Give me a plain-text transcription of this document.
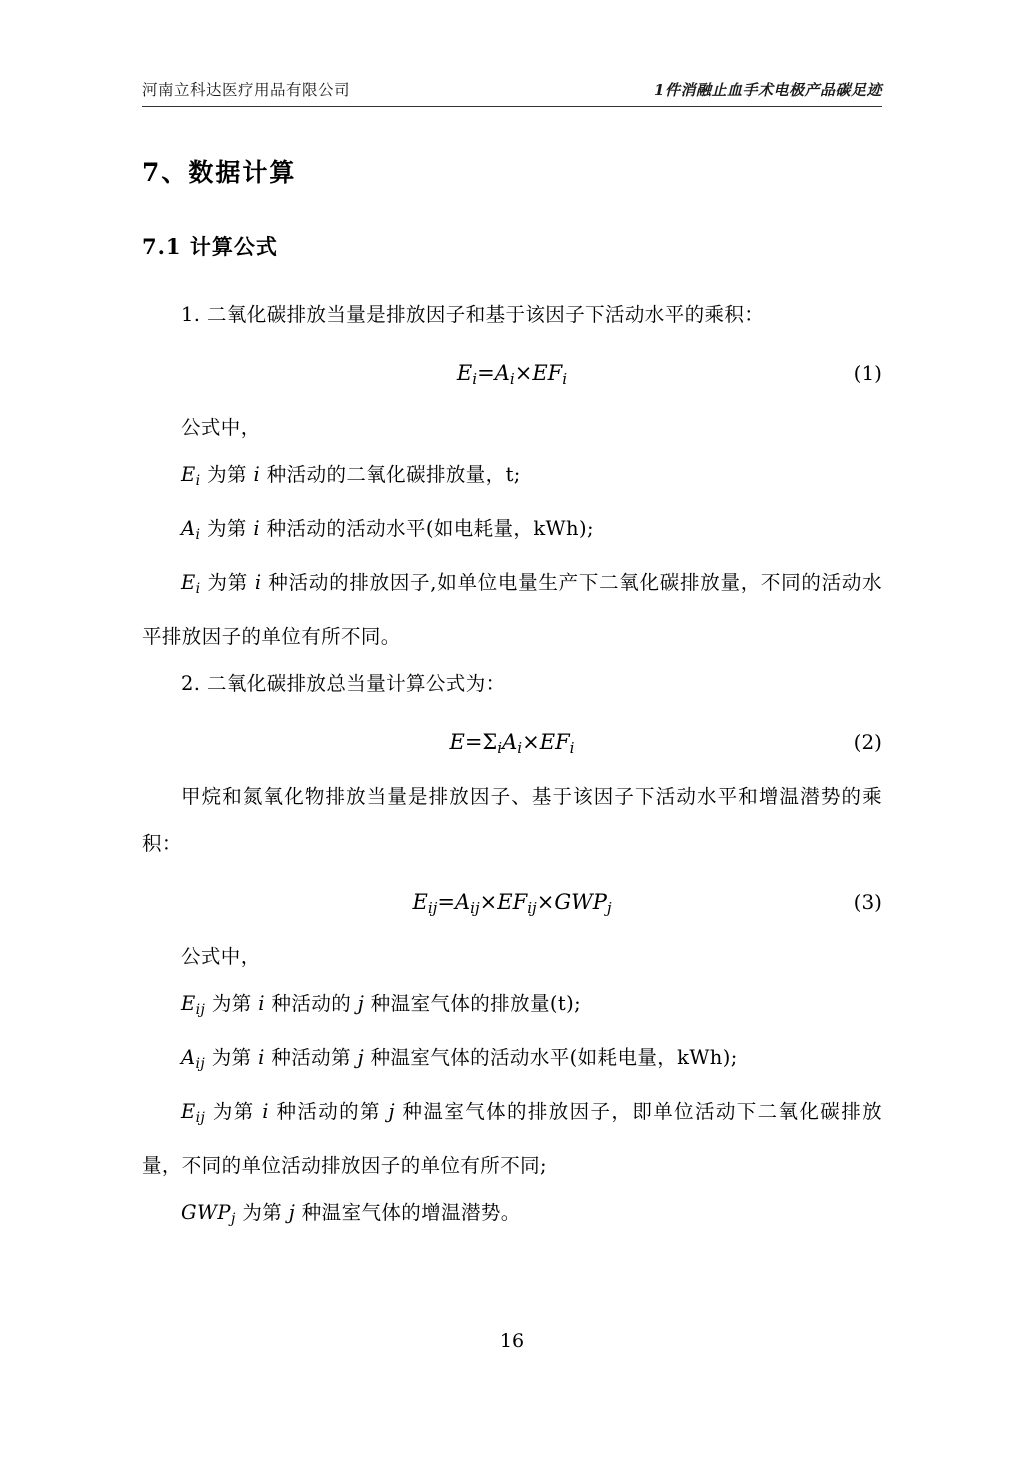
河南立科达医疗用品有限公司	1件消融止血手术电极产品碳足迹
7、数据计算
7.1 计算公式

1. 二氧化碳排放当量是排放因子和基于该因子下活动水平的乘积：

$E_i=A_i\times EF_i$	(1)

公式中，

$E_i$ 为第 i 种活动的二氧化碳排放量，t;

$A_i$ 为第 i 种活动的活动水平(如电耗量，kWh);

$E_i$ 为第 i 种活动的排放因子,如单位电量生产下二氧化碳排放量，不同的活动水平排放因子的单位有所不同。

2. 二氧化碳排放总当量计算公式为：

$E=\Sigma_iA_i\times EF_i$	(2)

甲烷和氮氧化物排放当量是排放因子、基于该因子下活动水平和增温潜势的乘积：

$E_{ij}=A_{ij}\times EF_{ij}\times GWP_j$	(3)

公式中，

$E_{ij}$ 为第 i 种活动的 j 种温室气体的排放量(t);

$A_{ij}$ 为第 i 种活动第 j 种温室气体的活动水平(如耗电量，kWh);

$E_{ij}$ 为第 i 种活动的第 j 种温室气体的排放因子，即单位活动下二氧化碳排放量，不同的单位活动排放因子的单位有所不同;

$GWP_j$ 为第 j 种温室气体的增温潜势。

16
